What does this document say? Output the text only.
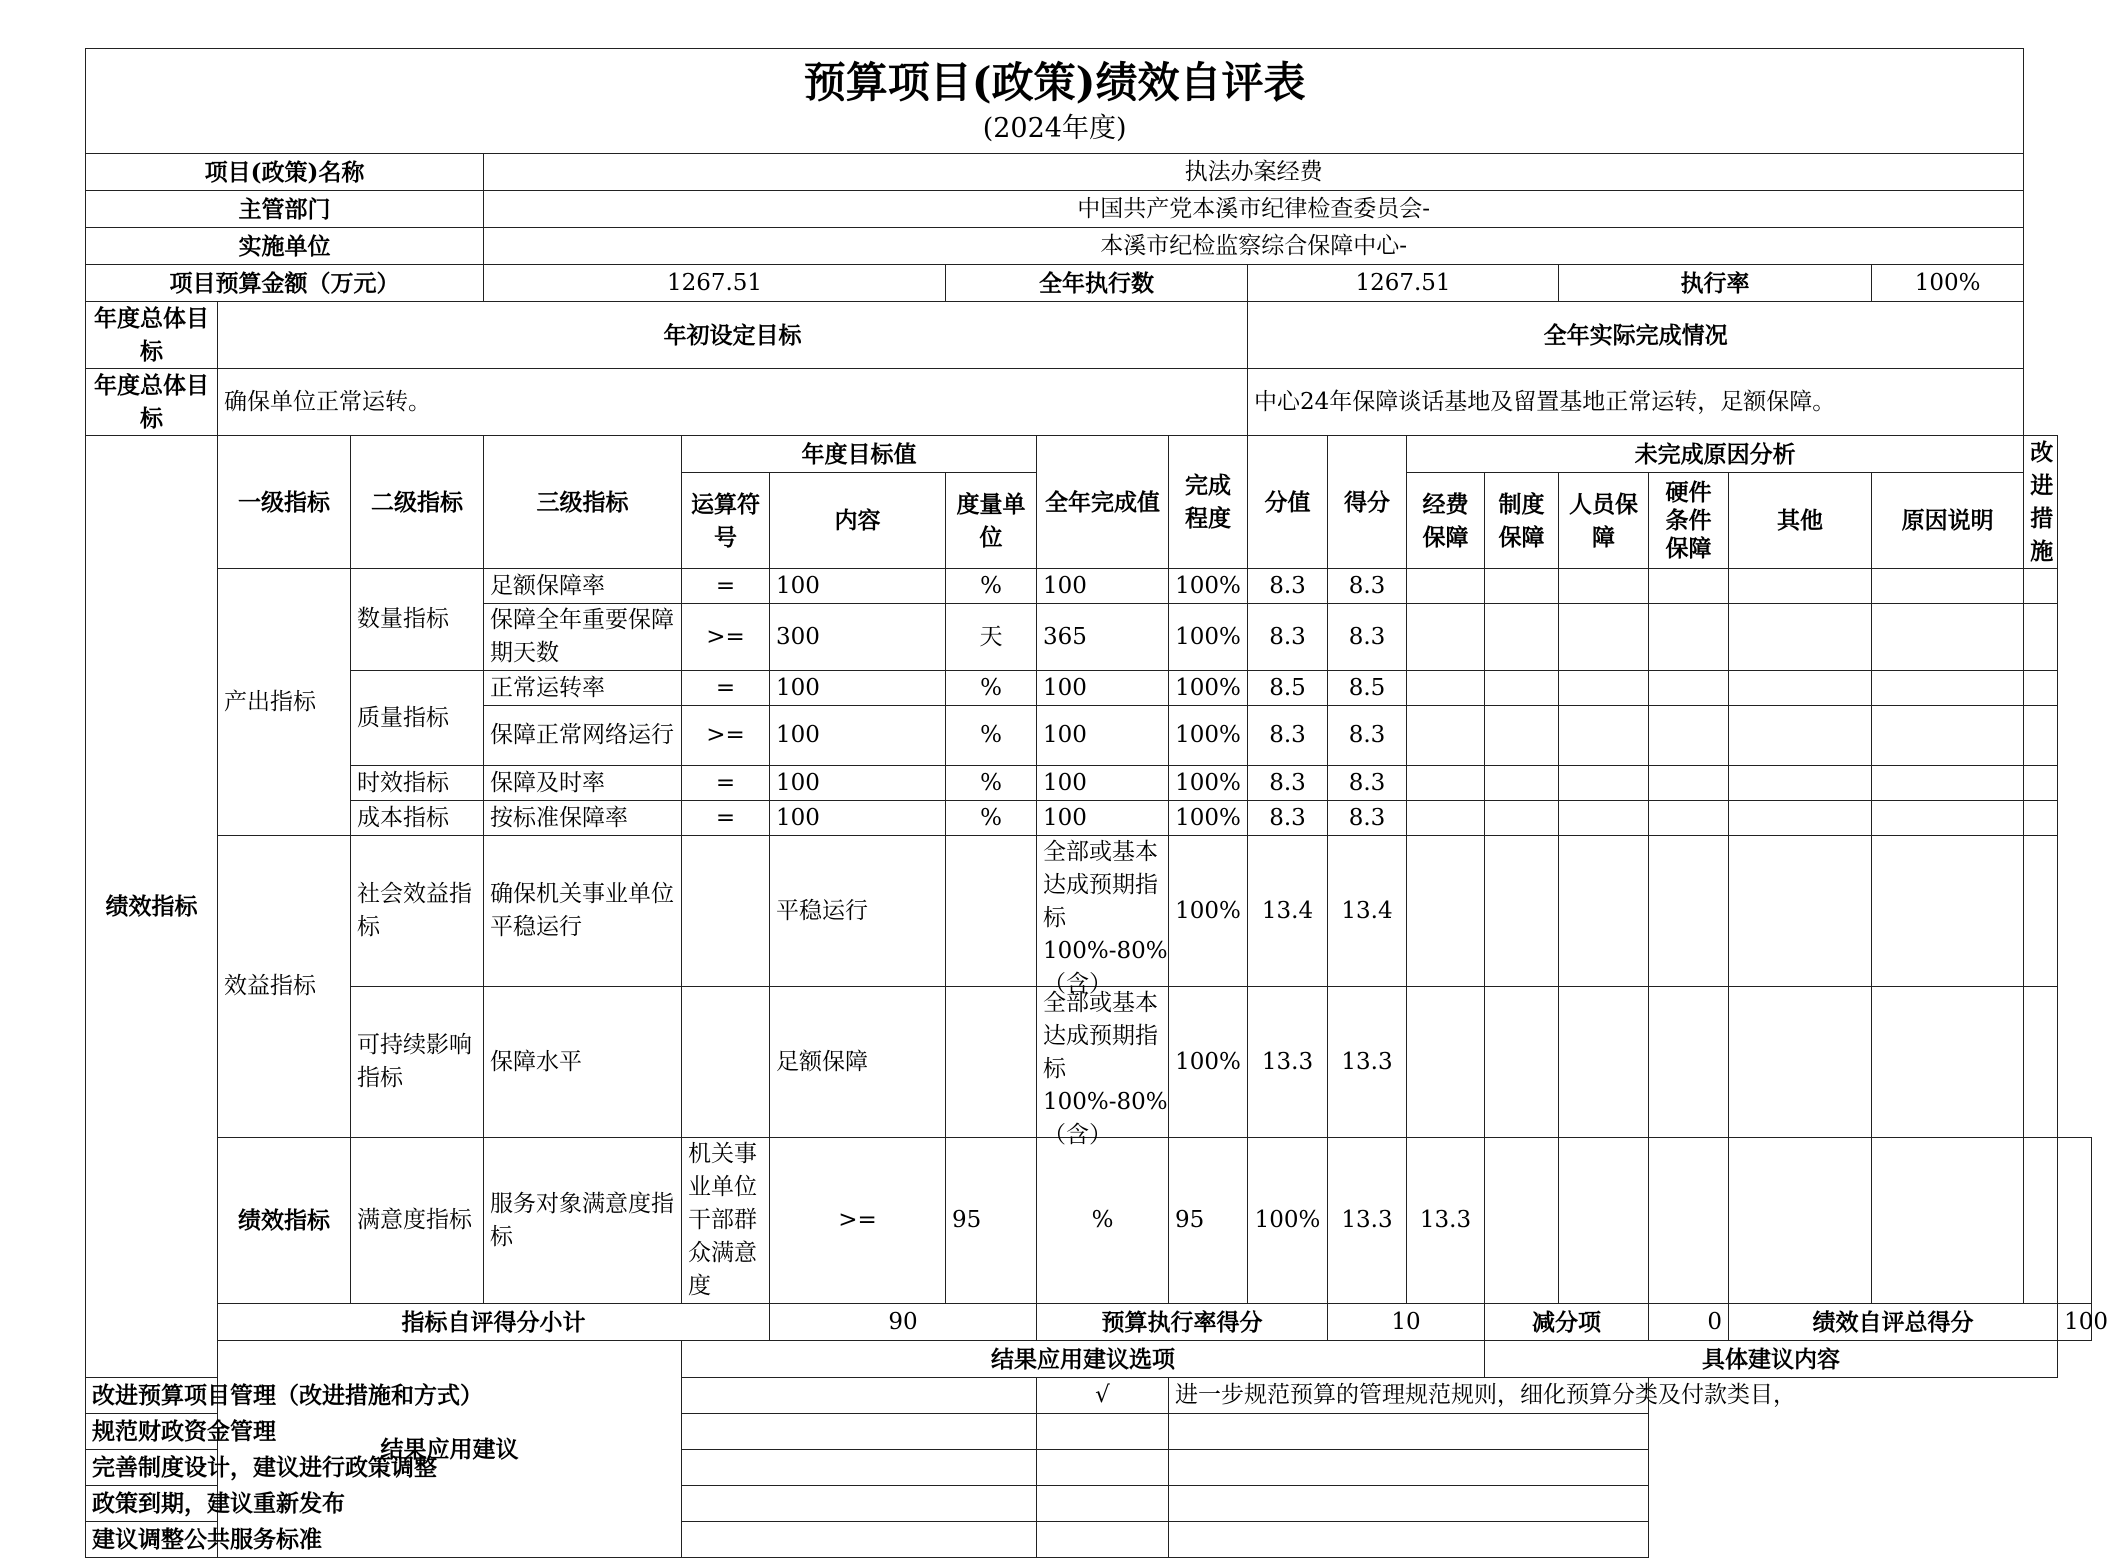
预算项目(政策)绩效自评表
(2024年度)																		

项目(政策)名称			执法办案经费															
主管部门			中国共产党本溪市纪律检查委员会-															
实施单位			本溪市纪检监察综合保障中心-															
项目预算金额（万元）			1267.51			全年执行数			1267.51				执行率			100%		
年度总体目标	年初设定目标								全年实际完成情况									
年度总体目标	确保单位正常运转。								中心24年保障谈话基地及留置基地正常运转，足额保障。									
绩效指标	一级指标	二级指标	三级指标	年度目标值			全年完成值	完成程度	分值	得分	未完成原因分析						改进措施	
				运算符号	内容	度量单位					经费保障	制度保障	人员保障	硬件条件保障	其他	原因说明		
	产出指标	数量指标	足额保障率	=	100	%	100	100%	8.3	8.3								
			保障全年重要保障期天数	>=	300	天	365	100%	8.3	8.3								
		质量指标	正常运转率	=	100	%	100	100%	8.5	8.5								
			保障正常网络运行	>=	100	%	100	100%	8.3	8.3								
		时效指标	保障及时率	=	100	%	100	100%	8.3	8.3								
		成本指标	按标准保障率	=	100	%	100	100%	8.3	8.3								
	效益指标	社会效益指标	确保机关事业单位平稳运行		平稳运行		全部或基本达成预期指标100%-80%（含）	100%	13.4	13.4								
		可持续影响指标	保障水平		足额保障		全部或基本达成预期指标100%-80%（含）	100%	13.3	13.3								
	绩效指标	满意度指标	服务对象满意度指标	机关事业单位干部群众满意度	>=	95	%	95	100%	13.3	13.3							
	指标自评得分小计				90		预算执行率得分			10		减分项		0	绩效自评总得分			100
	结果应用建议			结果应用建议选项								具体建议内容						
改进预算项目管理（改进措施和方式）							√	进一步规范预算的管理规范规则，细化预算分类及付款类目，										
规范财政资金管理																		
完善制度设计，建议进行政策调整																		
政策到期，建议重新发布																		
建议调整公共服务标准																		
